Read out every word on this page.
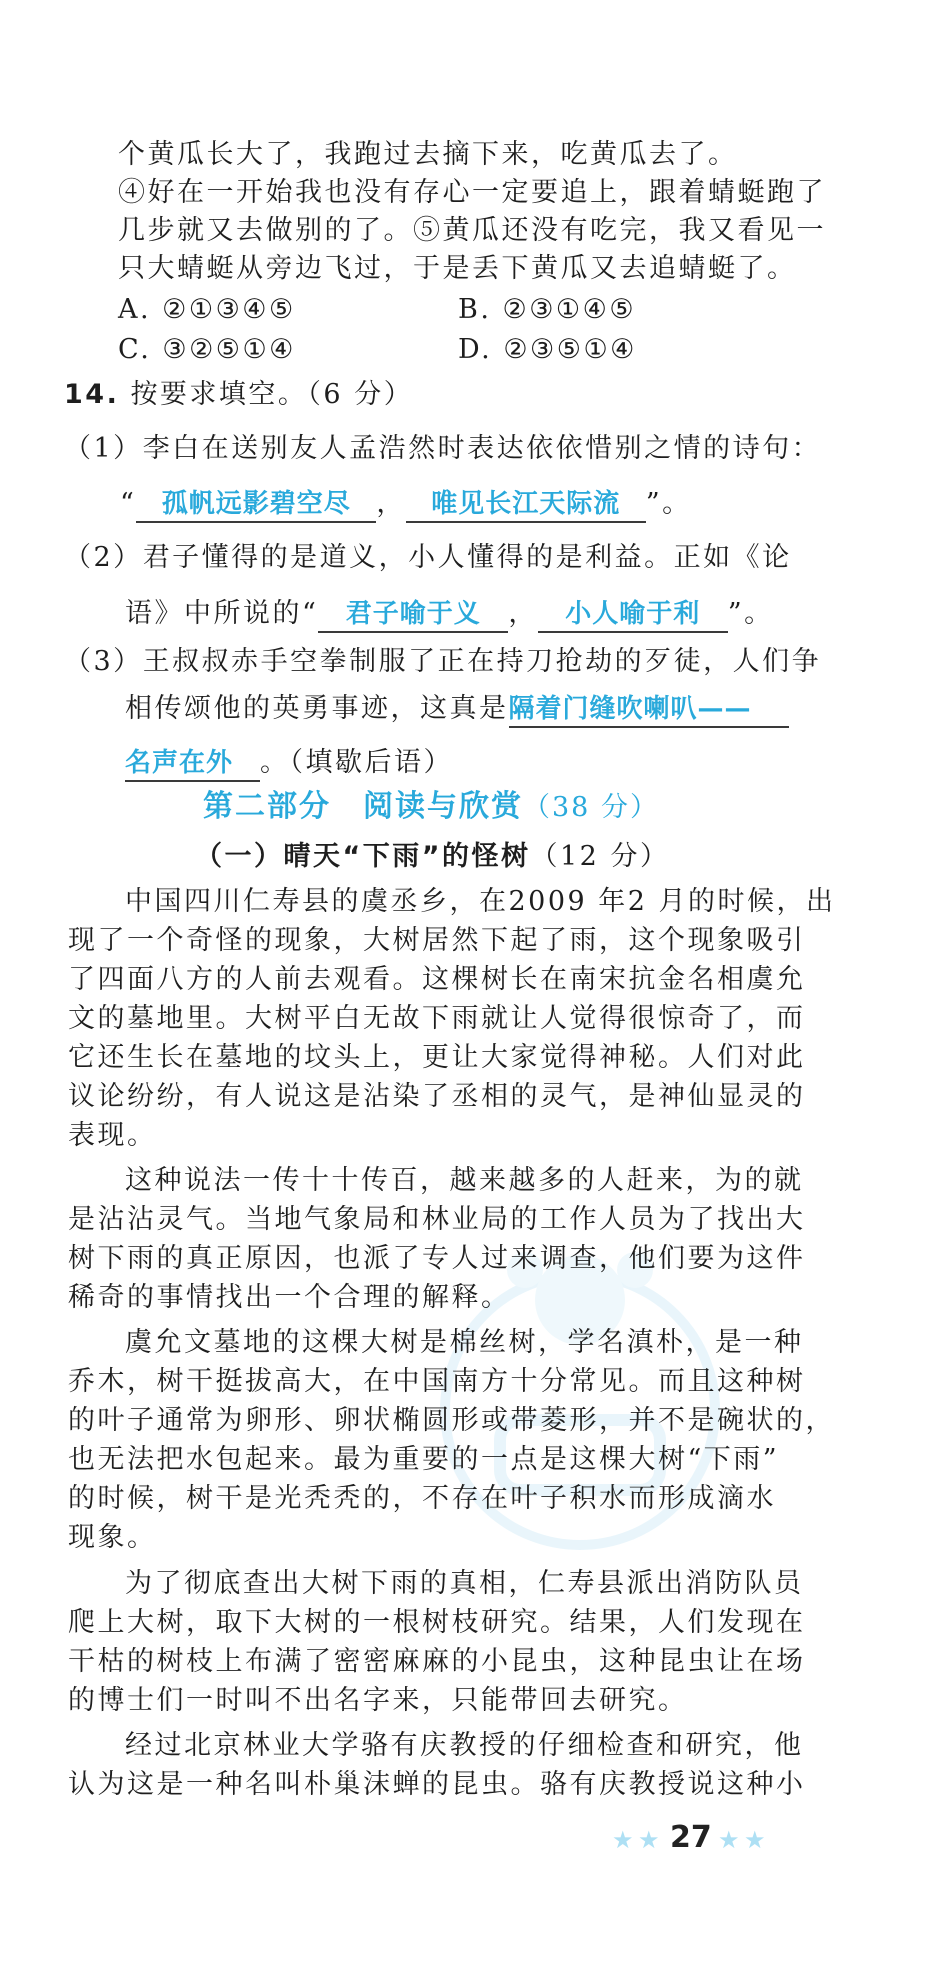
个黄瓜长大了，我跑过去摘下来，吃黄瓜去了。
④好在一开始我也没有存心一定要追上，跟着蜻蜓跑了
几步就又去做别的了。⑤黄瓜还没有吃完，我又看见一
只大蜻蜓从旁边飞过，于是丢下黄瓜又去追蜻蜓了。
A. ②①③④⑤	B. ②③①④⑤
C. ③②⑤①④	D. ②③⑤①④
14. 按要求填空。（6 分）
（1）李白在送别友人孟浩然时表达依依惜别之情的诗句：
“ 孤帆远影碧空尽 ， 唯见长江天际流 ”。
（2）君子懂得的是道义，小人懂得的是利益。正如《论
语》中所说的“ 君子喻于义 ， 小人喻于利 ”。
（3）王叔叔赤手空拳制服了正在持刀抢劫的歹徒，人们争
相传颂他的英勇事迹，这真是隔着门缝吹喇叭——
名声在外 。（填歇后语）
第二部分　阅读与欣赏（38 分）
（一）晴天“下雨”的怪树（12 分）
中国四川仁寿县的虞丞乡，在2009 年2 月的时候，出
现了一个奇怪的现象，大树居然下起了雨，这个现象吸引
了四面八方的人前去观看。这棵树长在南宋抗金名相虞允
文的墓地里。大树平白无故下雨就让人觉得很惊奇了，而
它还生长在墓地的坟头上，更让大家觉得神秘。人们对此
议论纷纷，有人说这是沾染了丞相的灵气，是神仙显灵的
表现。
这种说法一传十十传百，越来越多的人赶来，为的就
是沾沾灵气。当地气象局和林业局的工作人员为了找出大
树下雨的真正原因，也派了专人过来调查，他们要为这件
稀奇的事情找出一个合理的解释。
虞允文墓地的这棵大树是棉丝树，学名滇朴，是一种
乔木，树干挺拔高大，在中国南方十分常见。而且这种树
的叶子通常为卵形、卵状椭圆形或带菱形，并不是碗状的，
也无法把水包起来。最为重要的一点是这棵大树“下雨”
的时候，树干是光秃秃的，不存在叶子积水而形成滴水
现象。
为了彻底查出大树下雨的真相，仁寿县派出消防队员
爬上大树，取下大树的一根树枝研究。结果，人们发现在
干枯的树枝上布满了密密麻麻的小昆虫，这种昆虫让在场
的博士们一时叫不出名字来，只能带回去研究。
经过北京林业大学骆有庆教授的仔细检查和研究，他
认为这是一种名叫朴巢沫蝉的昆虫。骆有庆教授说这种小
★ ★ 27 ★ ★
